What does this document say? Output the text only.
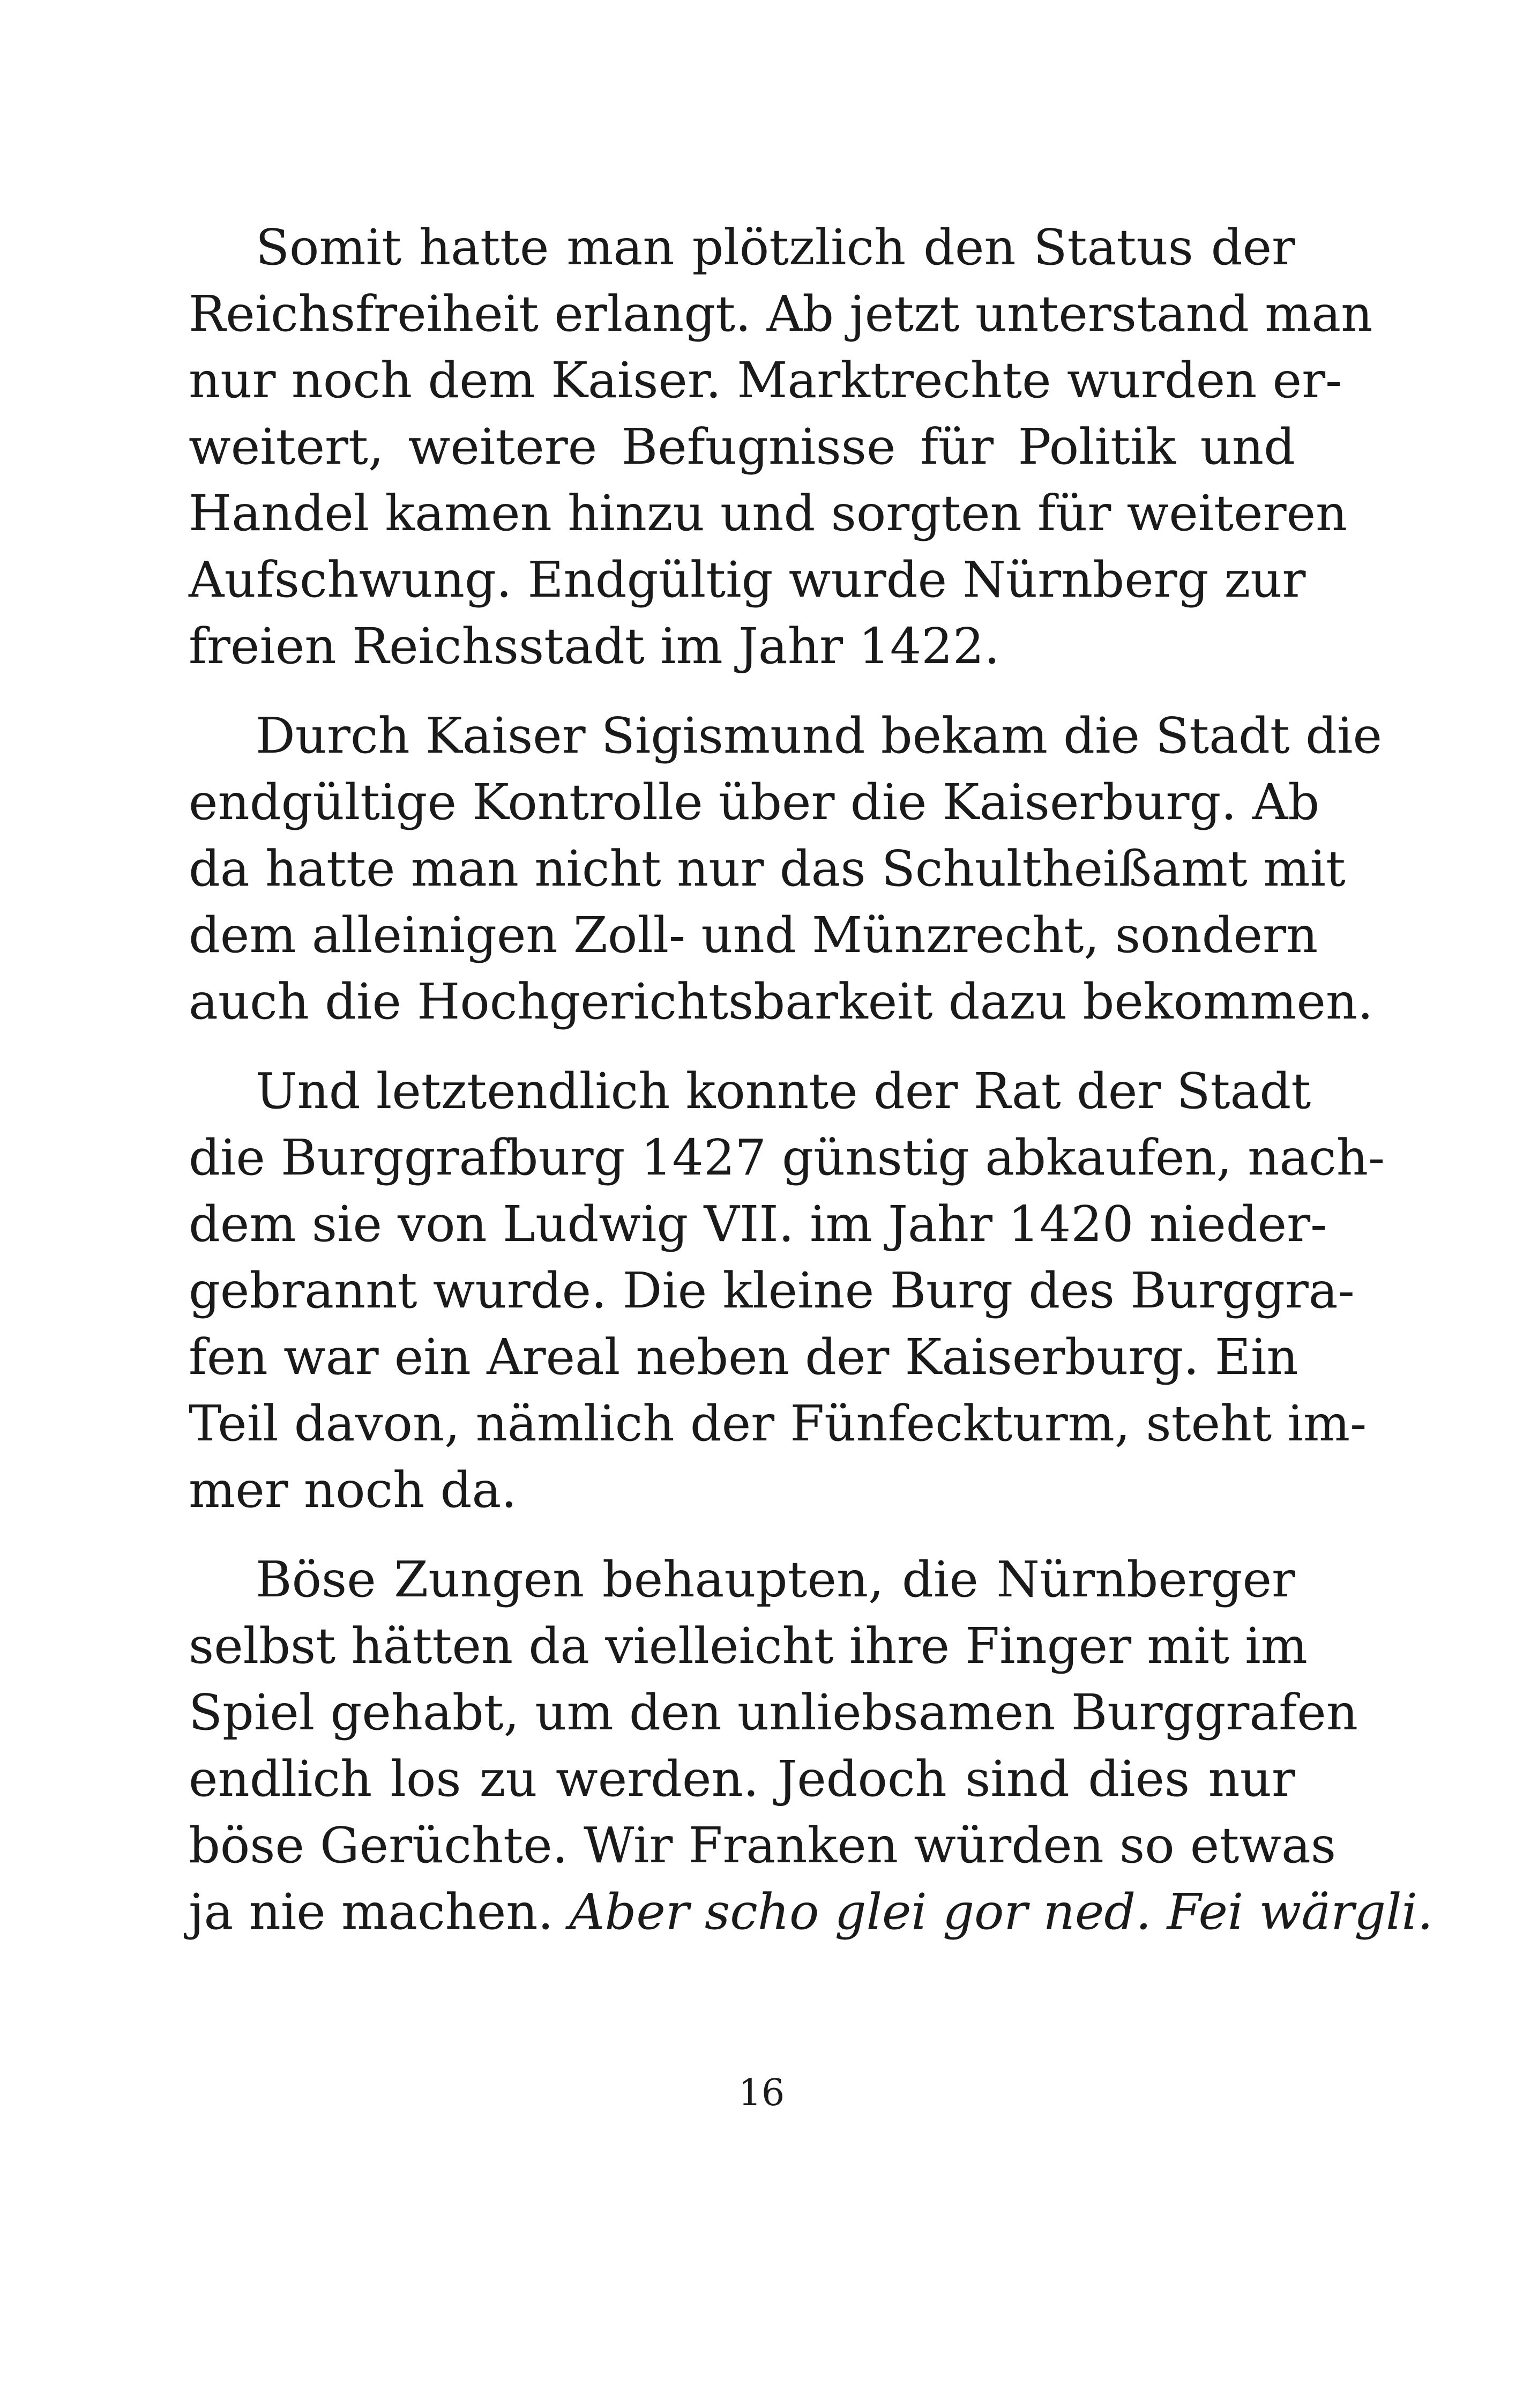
Somit hatte man plötzlich den Status der
Reichsfreiheit erlangt. Ab jetzt unterstand man
nur noch dem Kaiser. Marktrechte wurden er-
weitert, weitere Befugnisse für Politik und
Handel kamen hinzu und sorgten für weiteren
Aufschwung. Endgültig wurde Nürnberg zur
freien Reichsstadt im Jahr 1422.
Durch Kaiser Sigismund bekam die Stadt die
endgültige Kontrolle über die Kaiserburg. Ab
da hatte man nicht nur das Schultheißamt mit
dem alleinigen Zoll- und Münzrecht, sondern
auch die Hochgerichtsbarkeit dazu bekommen.
Und letztendlich konnte der Rat der Stadt
die Burggrafburg 1427 günstig abkaufen, nach-
dem sie von Ludwig VII. im Jahr 1420 nieder-
gebrannt wurde. Die kleine Burg des Burggra-
fen war ein Areal neben der Kaiserburg. Ein
Teil davon, nämlich der Fünfeckturm, steht im-
mer noch da.
Böse Zungen behaupten, die Nürnberger
selbst hätten da vielleicht ihre Finger mit im
Spiel gehabt, um den unliebsamen Burggrafen
endlich los zu werden. Jedoch sind dies nur
böse Gerüchte. Wir Franken würden so etwas
ja nie machen. Aber scho glei gor ned. Fei wärgli.
16
